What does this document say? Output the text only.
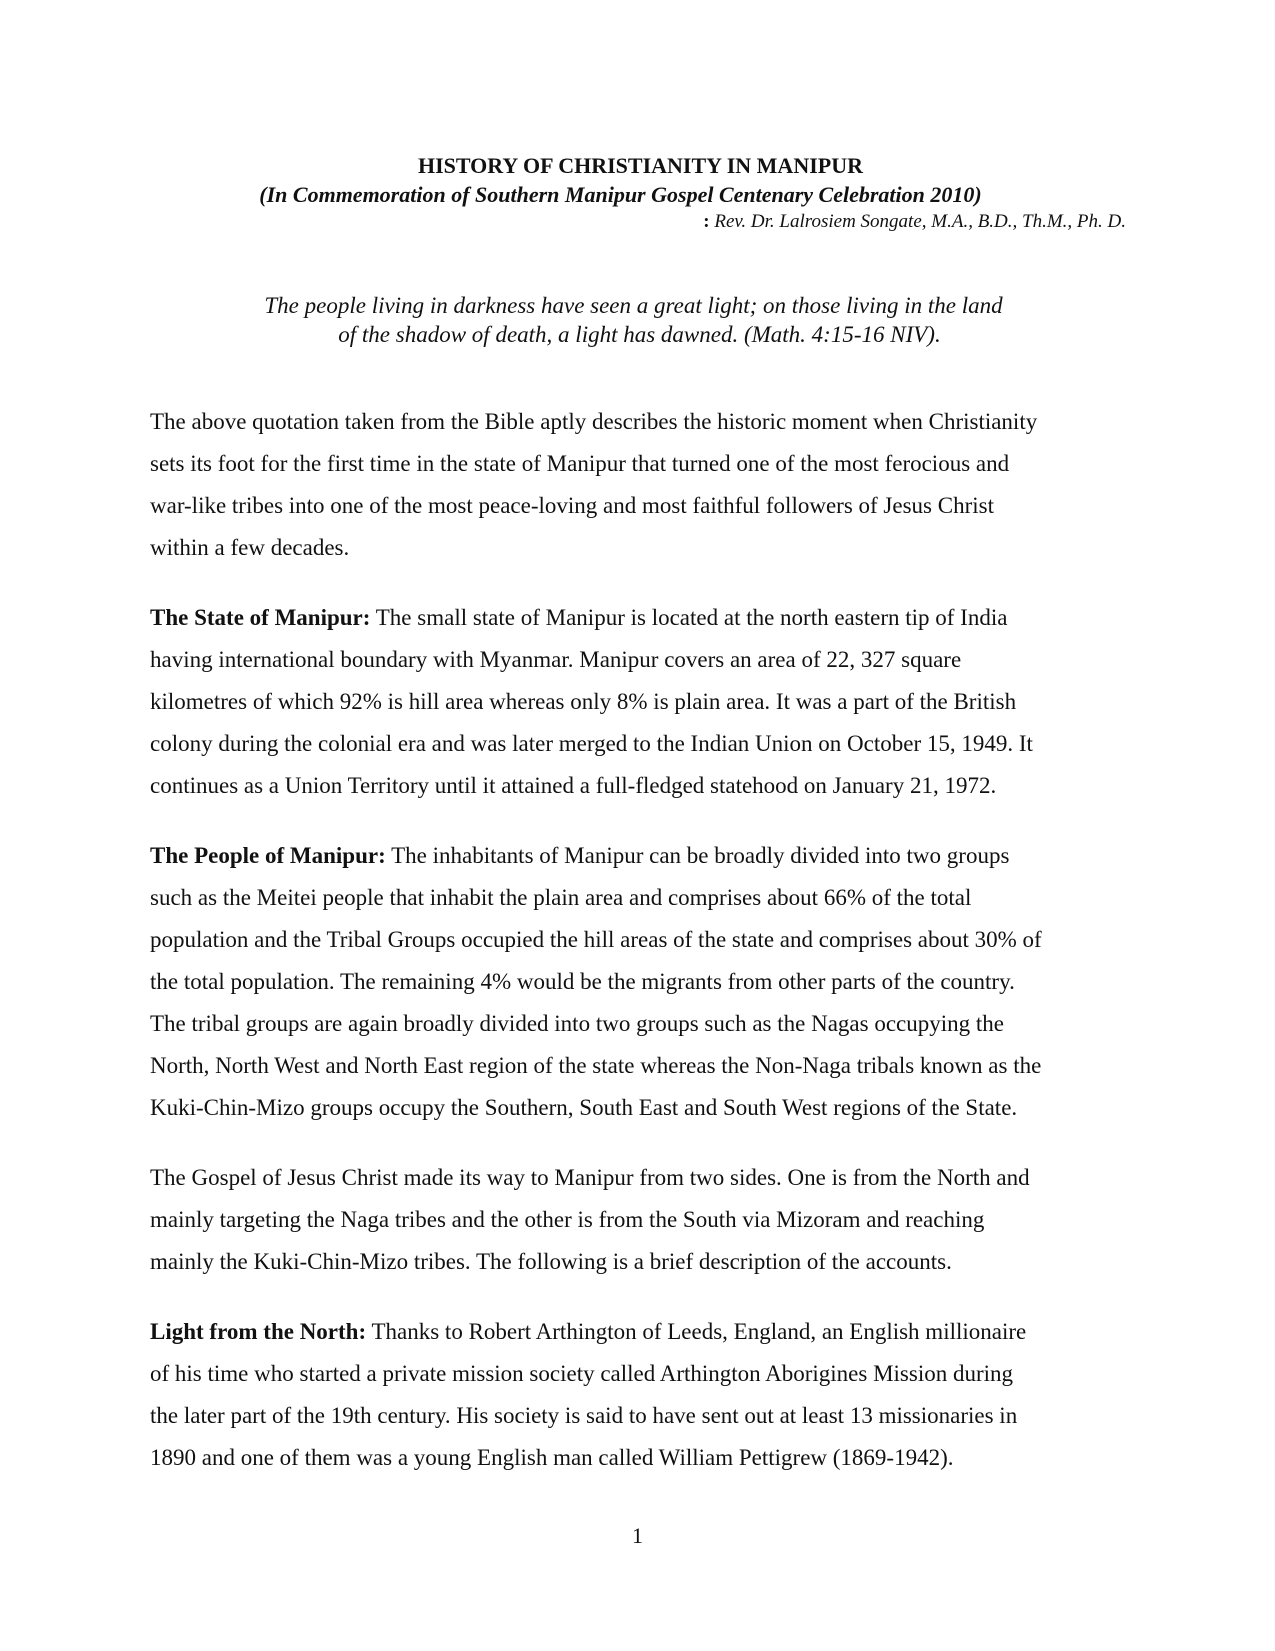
HISTORY OF CHRISTIANITY IN MANIPUR

(In Commemoration of Southern Manipur Gospel Centenary Celebration 2010)

: Rev. Dr. Lalrosiem Songate, M.A., B.D., Th.M., Ph. D.
The people living in darkness have seen a great light; on those living in the land
of the shadow of death, a light has dawned. (Math. 4:15-16 NIV).

The above quotation taken from the Bible aptly describes the historic moment when Christianity
sets its foot for the first time in the state of Manipur that turned one of the most ferocious and
war-like tribes into one of the most peace-loving and most faithful followers of Jesus Christ
within a few decades.

The State of Manipur: The small state of Manipur is located at the north eastern tip of India
having international boundary with Myanmar. Manipur covers an area of 22, 327 square
kilometres of which 92% is hill area whereas only 8% is plain area. It was a part of the British
colony during the colonial era and was later merged to the Indian Union on October 15, 1949. It
continues as a Union Territory until it attained a full-fledged statehood on January 21, 1972.

The People of Manipur: The inhabitants of Manipur can be broadly divided into two groups
such as the Meitei people that inhabit the plain area and comprises about 66% of the total
population and the Tribal Groups occupied the hill areas of the state and comprises about 30% of
the total population. The remaining 4% would be the migrants from other parts of the country.
The tribal groups are again broadly divided into two groups such as the Nagas occupying the
North, North West and North East region of the state whereas the Non-Naga tribals known as the
Kuki-Chin-Mizo groups occupy the Southern, South East and South West regions of the State.

The Gospel of Jesus Christ made its way to Manipur from two sides. One is from the North and
mainly targeting the Naga tribes and the other is from the South via Mizoram and reaching
mainly the Kuki-Chin-Mizo tribes. The following is a brief description of the accounts.

Light from the North: Thanks to Robert Arthington of Leeds, England, an English millionaire
of his time who started a private mission society called Arthington Aborigines Mission during
the later part of the 19th century. His society is said to have sent out at least 13 missionaries in
1890 and one of them was a young English man called William Pettigrew (1869-1942).

1
